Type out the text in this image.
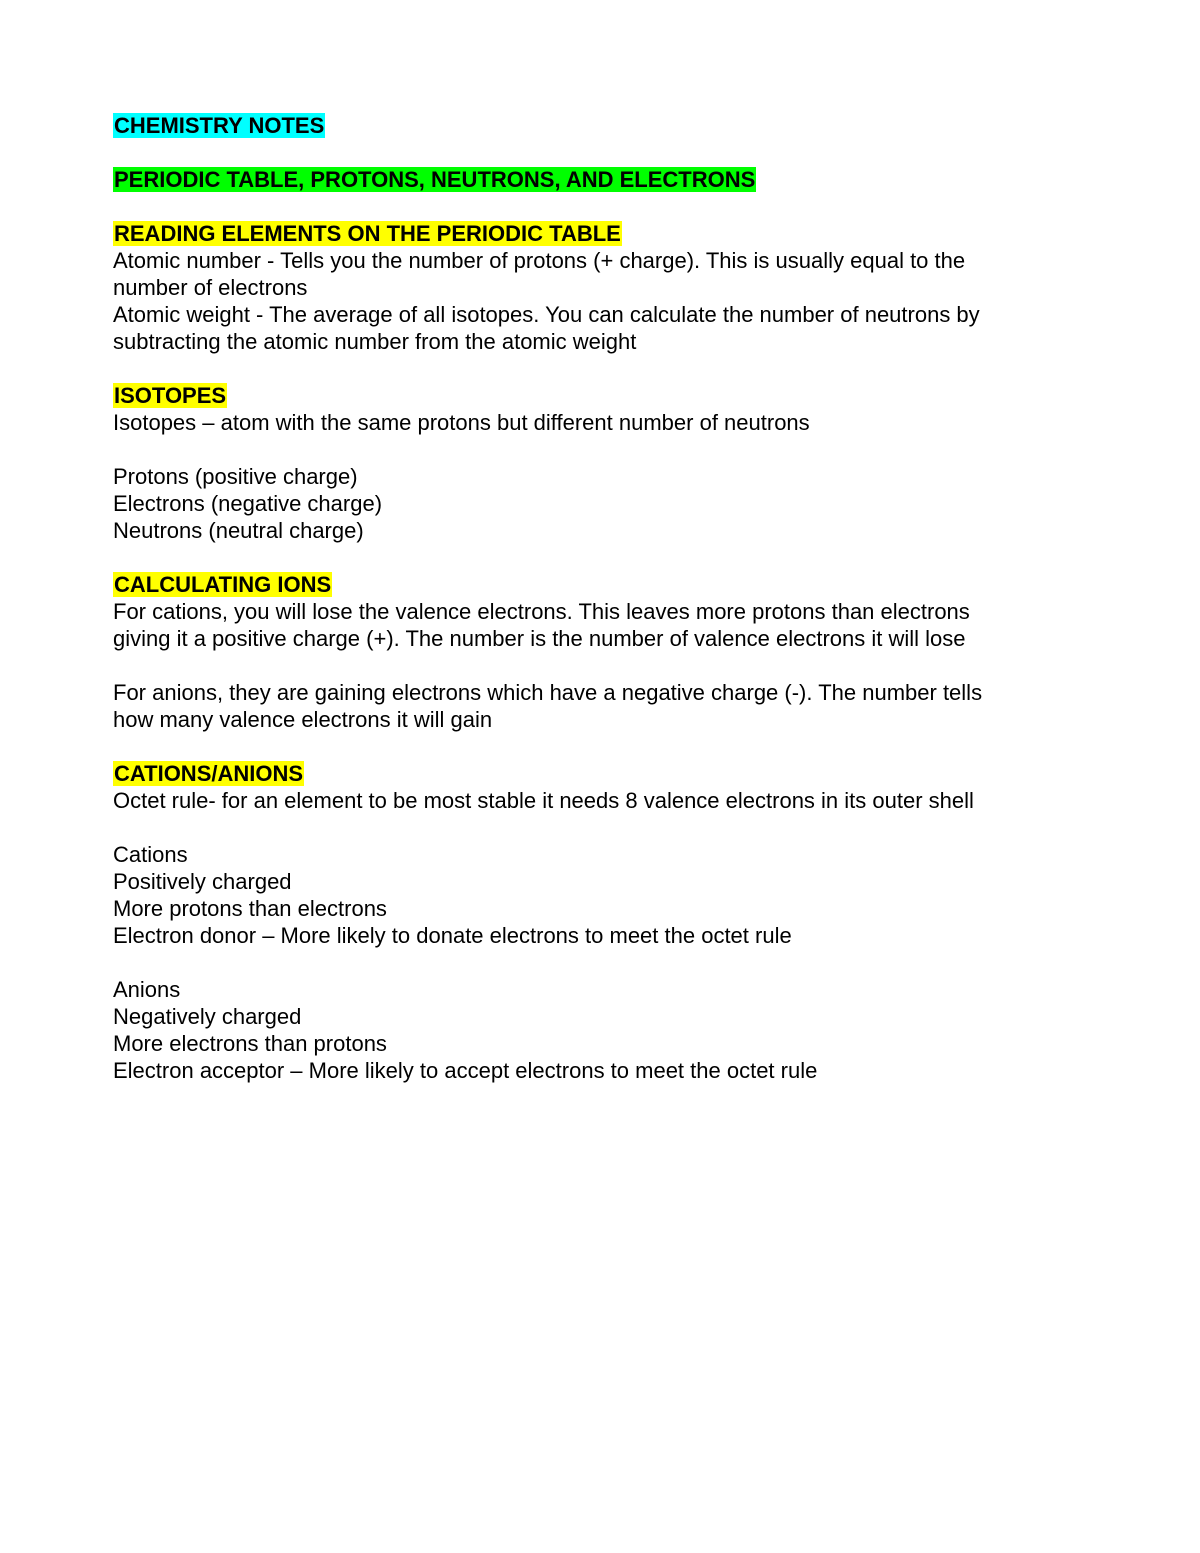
CHEMISTRY NOTES
PERIODIC TABLE, PROTONS, NEUTRONS, AND ELECTRONS
READING ELEMENTS ON THE PERIODIC TABLE
Atomic number - Tells you the number of protons (+ charge). This is usually equal to the
number of electrons
Atomic weight - The average of all isotopes. You can calculate the number of neutrons by
subtracting the atomic number from the atomic weight
ISOTOPES
Isotopes – atom with the same protons but different number of neutrons
Protons (positive charge)
Electrons (negative charge)
Neutrons (neutral charge)
CALCULATING IONS
For cations, you will lose the valence electrons. This leaves more protons than electrons
giving it a positive charge (+). The number is the number of valence electrons it will lose
For anions, they are gaining electrons which have a negative charge (-). The number tells
how many valence electrons it will gain
CATIONS/ANIONS
Octet rule- for an element to be most stable it needs 8 valence electrons in its outer shell
Cations
Positively charged
More protons than electrons
Electron donor – More likely to donate electrons to meet the octet rule
Anions
Negatively charged
More electrons than protons
Electron acceptor – More likely to accept electrons to meet the octet rule
